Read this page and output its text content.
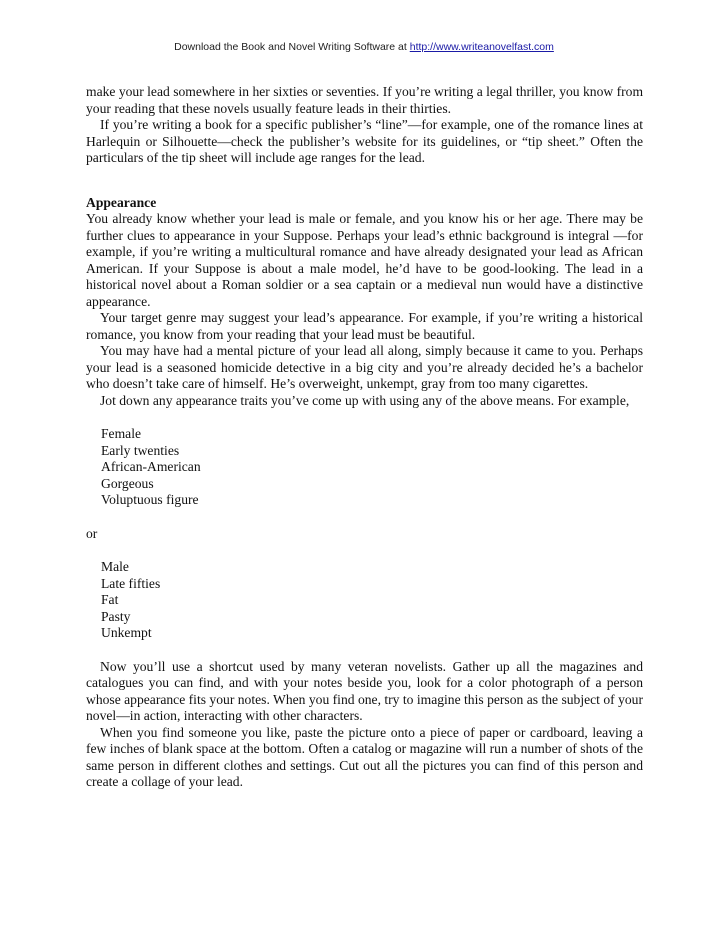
Download the Book and Novel Writing Software at http://www.writeanovelfast.com

make your lead somewhere in her sixties or seventies. If you’re writing a legal thriller, you know from your reading that these novels usually feature leads in their thirties.

If you’re writing a book for a specific publisher’s “line”—for example, one of the romance lines at Harlequin or Silhouette—check the publisher’s website for its guidelines, or “tip sheet.” Often the particulars of the tip sheet will include age ranges for the lead.

Appearance

You already know whether your lead is male or female, and you know his or her age. There may be further clues to appearance in your Suppose. Perhaps your lead’s ethnic background is integral —for example, if you’re writing a multicultural romance and have already designated your lead as African American. If your Suppose is about a male model, he’d have to be good-looking. The lead in a historical novel about a Roman soldier or a sea captain or a medieval nun would have a distinctive appearance.

Your target genre may suggest your lead’s appearance. For example, if you’re writing a historical romance, you know from your reading that your lead must be beautiful.

You may have had a mental picture of your lead all along, simply because it came to you. Perhaps your lead is a seasoned homicide detective in a big city and you’re already decided he’s a bachelor who doesn’t take care of himself. He’s overweight, unkempt, gray from too many cigarettes.

Jot down any appearance traits you’ve come up with using any of the above means. For example,

Female
Early twenties
African-American
Gorgeous
Voluptuous figure

or

Male
Late fifties
Fat
Pasty
Unkempt

Now you’ll use a shortcut used by many veteran novelists. Gather up all the magazines and catalogues you can find, and with your notes beside you, look for a color photograph of a person whose appearance fits your notes. When you find one, try to imagine this person as the subject of your novel—in action, interacting with other characters.

When you find someone you like, paste the picture onto a piece of paper or cardboard, leaving a few inches of blank space at the bottom. Often a catalog or magazine will run a number of shots of the same person in different clothes and settings. Cut out all the pictures you can find of this person and create a collage of your lead.
